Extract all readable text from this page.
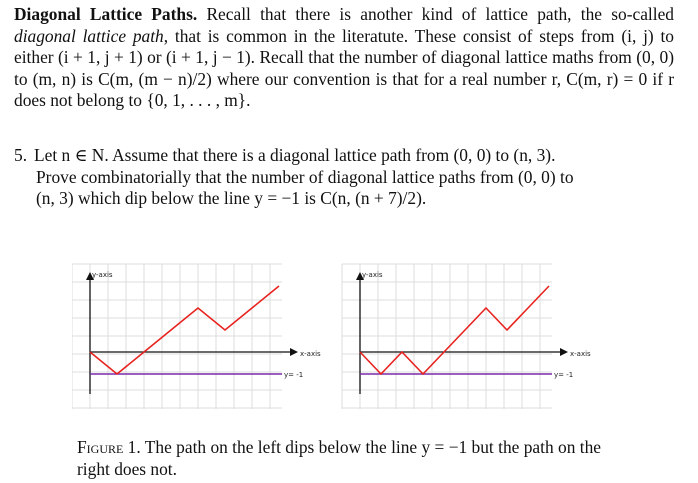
Diagonal Lattice Paths. Recall that there is another kind of lattice path, the so-called diagonal lattice path, that is common in the literatute. These consist of steps from (i, j) to either (i + 1, j + 1) or (i + 1, j − 1). Recall that the number of diagonal lattice maths from (0, 0) to (m, n) is C(m, (m − n)/2) where our convention is that for a real number r, C(m, r) = 0 if r does not belong to {0, 1, . . . , m}.
5. Let n ∈ N. Assume that there is a diagonal lattice path from (0, 0) to (n, 3).
Prove combinatorially that the number of diagonal lattice paths from (0, 0) to
(n, 3) which dip below the line y = −1 is C(n, (n + 7)/2).
y-axis
x-axis
y= -1
y-axis
x-axis
y= -1
Figure 1. The path on the left dips below the line y = −1 but the path on the right does not.
